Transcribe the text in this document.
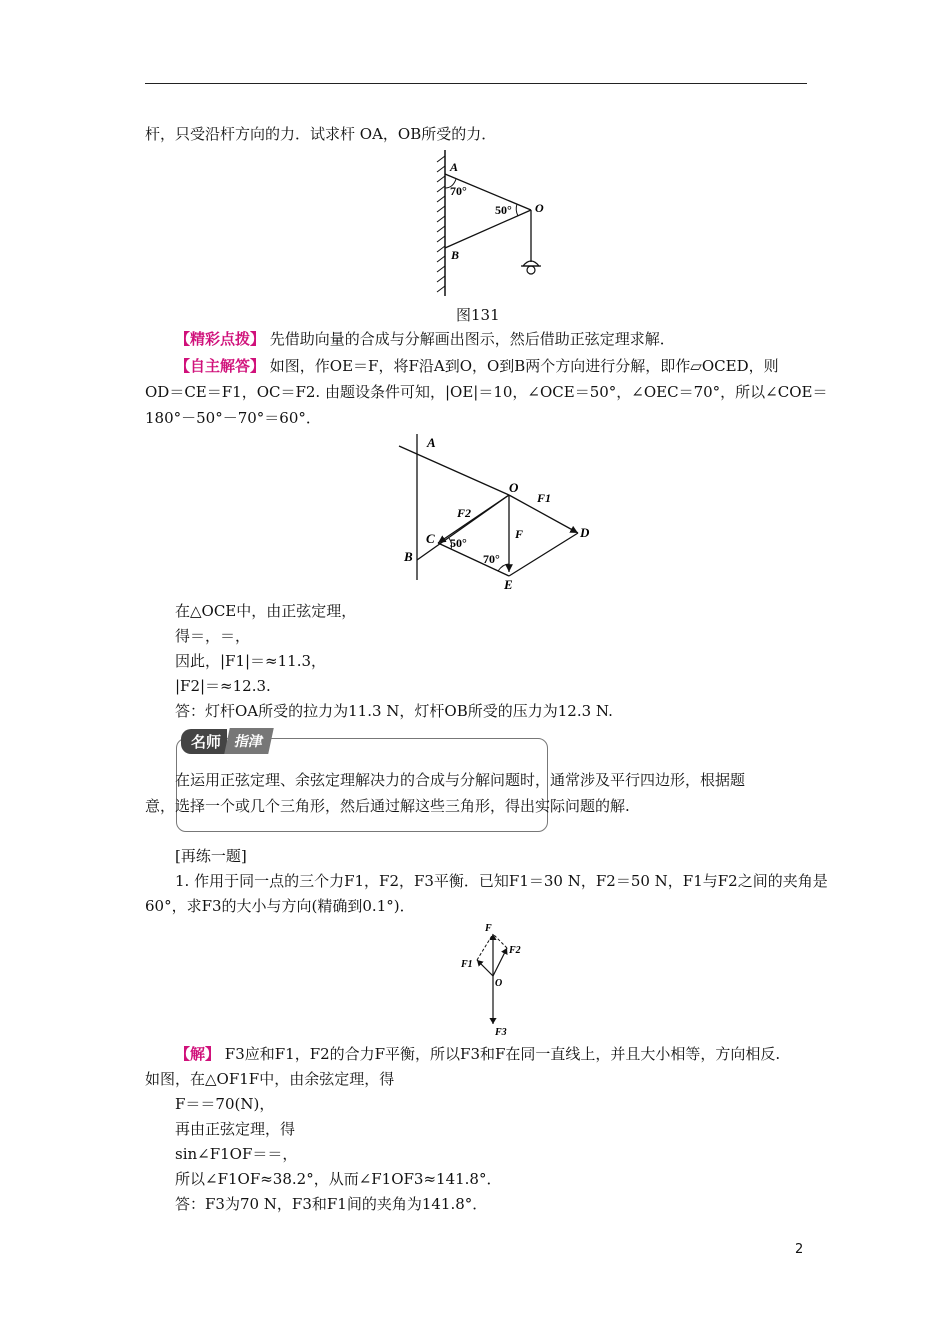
杆，只受沿杆方向的力．试求杆 OA，OB所受的力．
A
70°
50° O
B
图131
【精彩点拨】 先借助向量的合成与分解画出图示，然后借助正弦定理求解．
【自主解答】 如图，作OE＝F，将F沿A到O，O到B两个方向进行分解，即作▱OCED，则
OD＝CE＝F1，OC＝F2. 由题设条件可知，|OE|＝10，∠OCE＝50°，∠OEC＝70°，所以∠COE＝
180°－50°－70°＝60°．
A
O
F1
F2
F	D
C 50°
70°
B
E
在△OCE中，由正弦定理，
得＝，＝，
因此，|F1|＝≈11.3，
|F2|＝≈12.3.
答：灯杆OA所受的拉力为11.3 N，灯杆OB所受的压力为12.3 N.
名师 指津
在运用正弦定理、余弦定理解决力的合成与分解问题时，通常涉及平行四边形，根据题
意，选择一个或几个三角形，然后通过解这些三角形，得出实际问题的解.
[再练一题]
1. 作用于同一点的三个力F1，F2，F3平衡．已知F1＝30 N，F2＝50 N，F1与F2之间的夹角是
60°，求F3的大小与方向(精确到0.1°)．
F
F2
F1
O
F3
【解】 F3应和F1，F2的合力F平衡，所以F3和F在同一直线上，并且大小相等，方向相反.
如图，在△OF1F中，由余弦定理，得
F＝＝70(N)，
再由正弦定理，得
sin∠F1OF＝＝，
所以∠F1OF≈38.2°，从而∠F1OF3≈141.8°．
答：F3为70 N，F3和F1间的夹角为141.8°．
2
